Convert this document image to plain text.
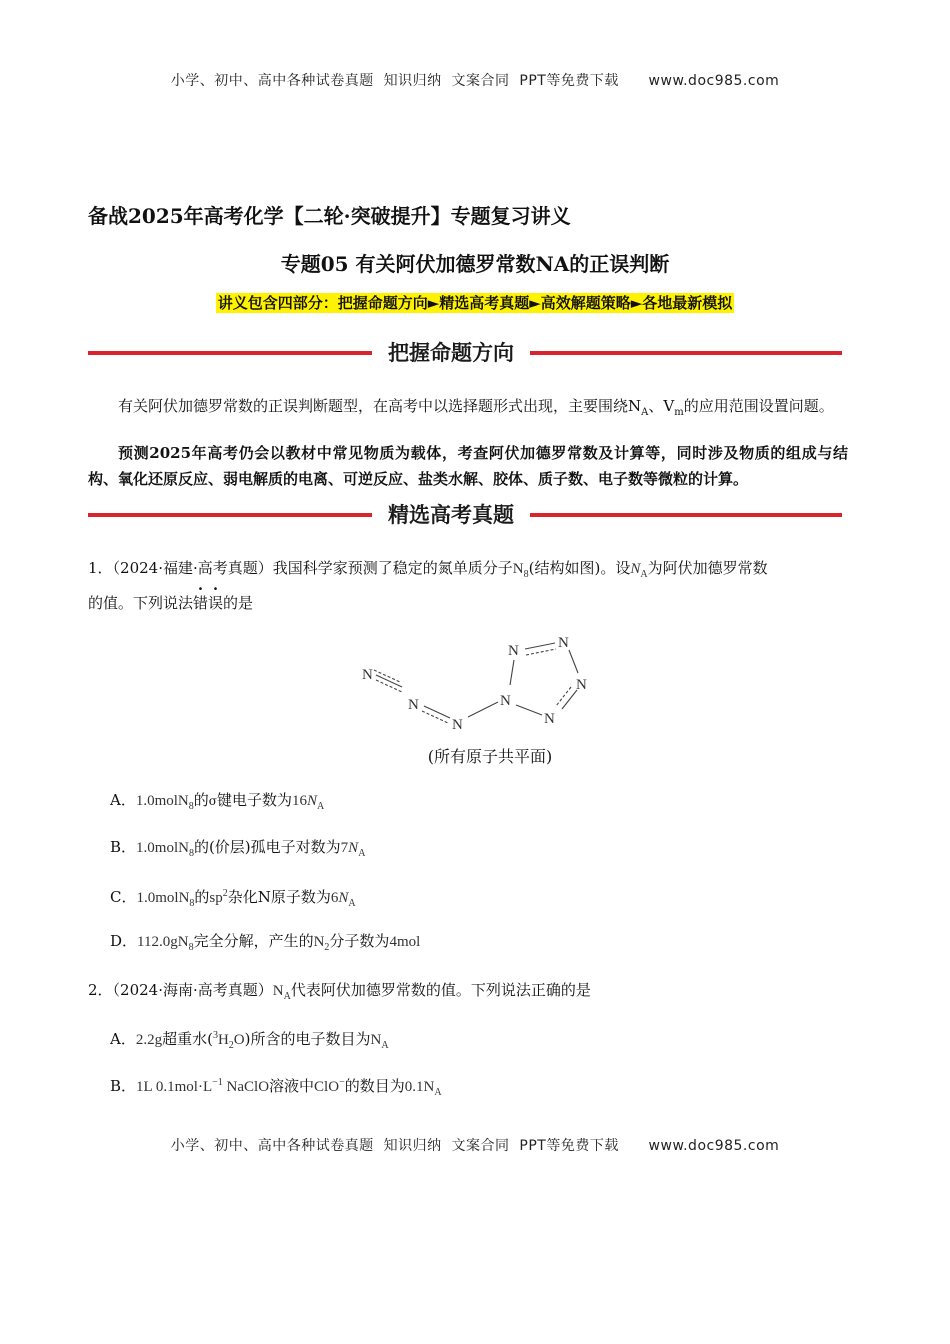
小学、初中、高中各种试卷真题  知识归纳  文案合同  PPT等免费下载      www.doc985.com
备战2025年高考化学【二轮·突破提升】专题复习讲义
专题05 有关阿伏加德罗常数NA的正误判断
讲义包含四部分：把握命题方向►精选高考真题►高效解题策略►各地最新模拟
把握命题方向
有关阿伏加德罗常数的正误判断题型，在高考中以选择题形式出现，主要围绕$N_A$、$V_m$的应用范围设置问题。
预测2025年高考仍会以教材中常见物质为载体，考查阿伏加德罗常数及计算等，同时涉及物质的组成与结构、氧化还原反应、弱电解质的电离、可逆反应、盐类水解、胶体、质子数、电子数等微粒的计算。
精选高考真题
1．（2024·福建·高考真题）我国科学家预测了稳定的氮单质分子$N_8$(结构如图)。设$N_A$为阿伏加德罗常数
的值。下列说法错误的是
N
N
N
N
N	N
N
N
(所有原子共平面)
A．1.0molN$_8$的σ键电子数为$16N_A$
B．1.0molN$_8$的(价层)孤电子对数为$7N_A$
C．1.0molN$_8$的$sp^2$杂化N原子数为$6N_A$
D．$112.0gN_8$完全分解，产生的$N_2$分子数为4mol
2．（2024·海南·高考真题）$N_A$代表阿伏加德罗常数的值。下列说法正确的是
A．2.2g超重水$(^3H_2O)$所含的电子数目为$N_A$
B．1L $0.1mol\cdot L^{-1}$ NaClO溶液中ClO−的数目为$0.1N_A$
小学、初中、高中各种试卷真题  知识归纳  文案合同  PPT等免费下载      www.doc985.com
